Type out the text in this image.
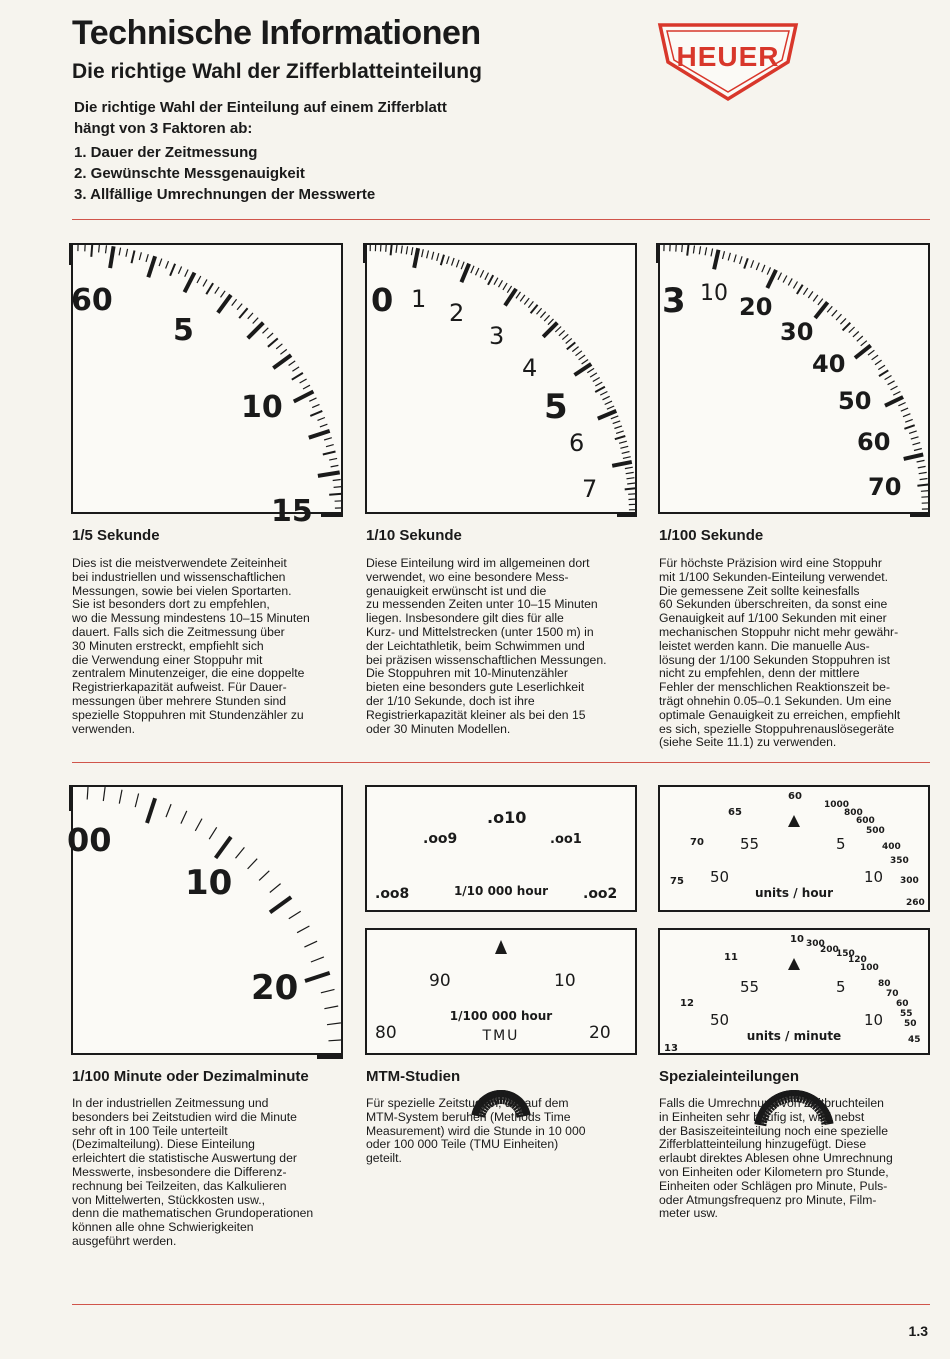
Technische Informationen
Die richtige Wahl der Zifferblatteinteilung
Die richtige Wahl der Einteilung auf einem Zifferblatt
hängt von 3 Faktoren ab:
1. Dauer der Zeitmessung
2. Gewünschte Messgenauigkeit
3. Allfällige Umrechnungen der Messwerte
HEUER
60
5
10
15
0 1 2
3
4
5
6
7
3 10 20
30
40
50
60
70
1/5 Sekunde	1/10 Sekunde	1/100 Sekunde
Dies ist die meistverwendete Zeiteinheit
bei industriellen und wissenschaftlichen
Messungen, sowie bei vielen Sportarten.
Sie ist besonders dort zu empfehlen,
wo die Messung mindestens 10–15 Minuten
dauert. Falls sich die Zeitmessung über
30 Minuten erstreckt, empfiehlt sich
die Verwendung einer Stoppuhr mit
zentralem Minutenzeiger, die eine doppelte
Registrierkapazität aufweist. Für Dauer-
messungen über mehrere Stunden sind
spezielle Stoppuhren mit Stundenzähler zu
verwenden.
Diese Einteilung wird im allgemeinen dort
verwendet, wo eine besondere Mess-
genauigkeit erwünscht ist und die
zu messenden Zeiten unter 10–15 Minuten
liegen. Insbesondere gilt dies für alle
Kurz- und Mittelstrecken (unter 1500 m) in
der Leichtathletik, beim Schwimmen und
bei präzisen wissenschaftlichen Messungen.
Die Stoppuhren mit 10-Minutenzähler
bieten eine besonders gute Leserlichkeit
der 1/10 Sekunde, doch ist ihre
Registrierkapazität kleiner als bei den 15
oder 30 Minuten Modellen.
Für höchste Präzision wird eine Stoppuhr
mit 1/100 Sekunden-Einteilung verwendet.
Die gemessene Zeit sollte keinesfalls
60 Sekunden überschreiten, da sonst eine
Genauigkeit auf 1/100 Sekunden mit einer
mechanischen Stoppuhr nicht mehr gewähr-
leistet werden kann. Die manuelle Aus-
lösung der 1/100 Sekunden Stoppuhren ist
nicht zu empfehlen, denn der mittlere
Fehler der menschlichen Reaktionszeit be-
trägt ohnehin 0.05–0.1 Sekunden. Um eine
optimale Genauigkeit zu erreichen, empfiehlt
es sich, spezielle Stoppuhrenauslösegeräte
(siehe Seite 11.1) zu verwenden.
00
10
20
.oo8
.oo9
.o10
.oo1
.oo2
1/10 000 hour
80
90	10
20
1/100 000 hour
TMU
75
70
65
60
1000
800
600
500
400
350
300
260
55	5
50	10
units / hour
13
12
11
10 300
200
150
120
100
80
70
60
55
50
45
55	5
50	10
units / minute
1/100 Minute oder Dezimalminute	MTM-Studien	Spezialeinteilungen
In der industriellen Zeitmessung und
besonders bei Zeitstudien wird die Minute
sehr oft in 100 Teile unterteilt
(Dezimalteilung). Diese Einteilung
erleichtert die statistische Auswertung der
Messwerte, insbesondere die Differenz-
rechnung bei Teilzeiten, das Kalkulieren
von Mittelwerten, Stückkosten usw.,
denn die mathematischen Grundoperationen
können alle ohne Schwierigkeiten
ausgeführt werden.
Für spezielle Zeitstudien, die auf dem
MTM-System beruhen (Methods Time
Measurement) wird die Stunde in 10 000
oder 100 000 Teile (TMU Einheiten)
geteilt.
Falls die Umrechnung von Zeitbruchteilen
in Einheiten sehr häufig ist, wird nebst
der Basiszeiteinteilung noch eine spezielle
Zifferblatteinteilung hinzugefügt. Diese
erlaubt direktes Ablesen ohne Umrechnung
von Einheiten oder Kilometern pro Stunde,
Einheiten oder Schlägen pro Minute, Puls-
oder Atmungsfrequenz pro Minute, Film-
meter usw.
1.3
